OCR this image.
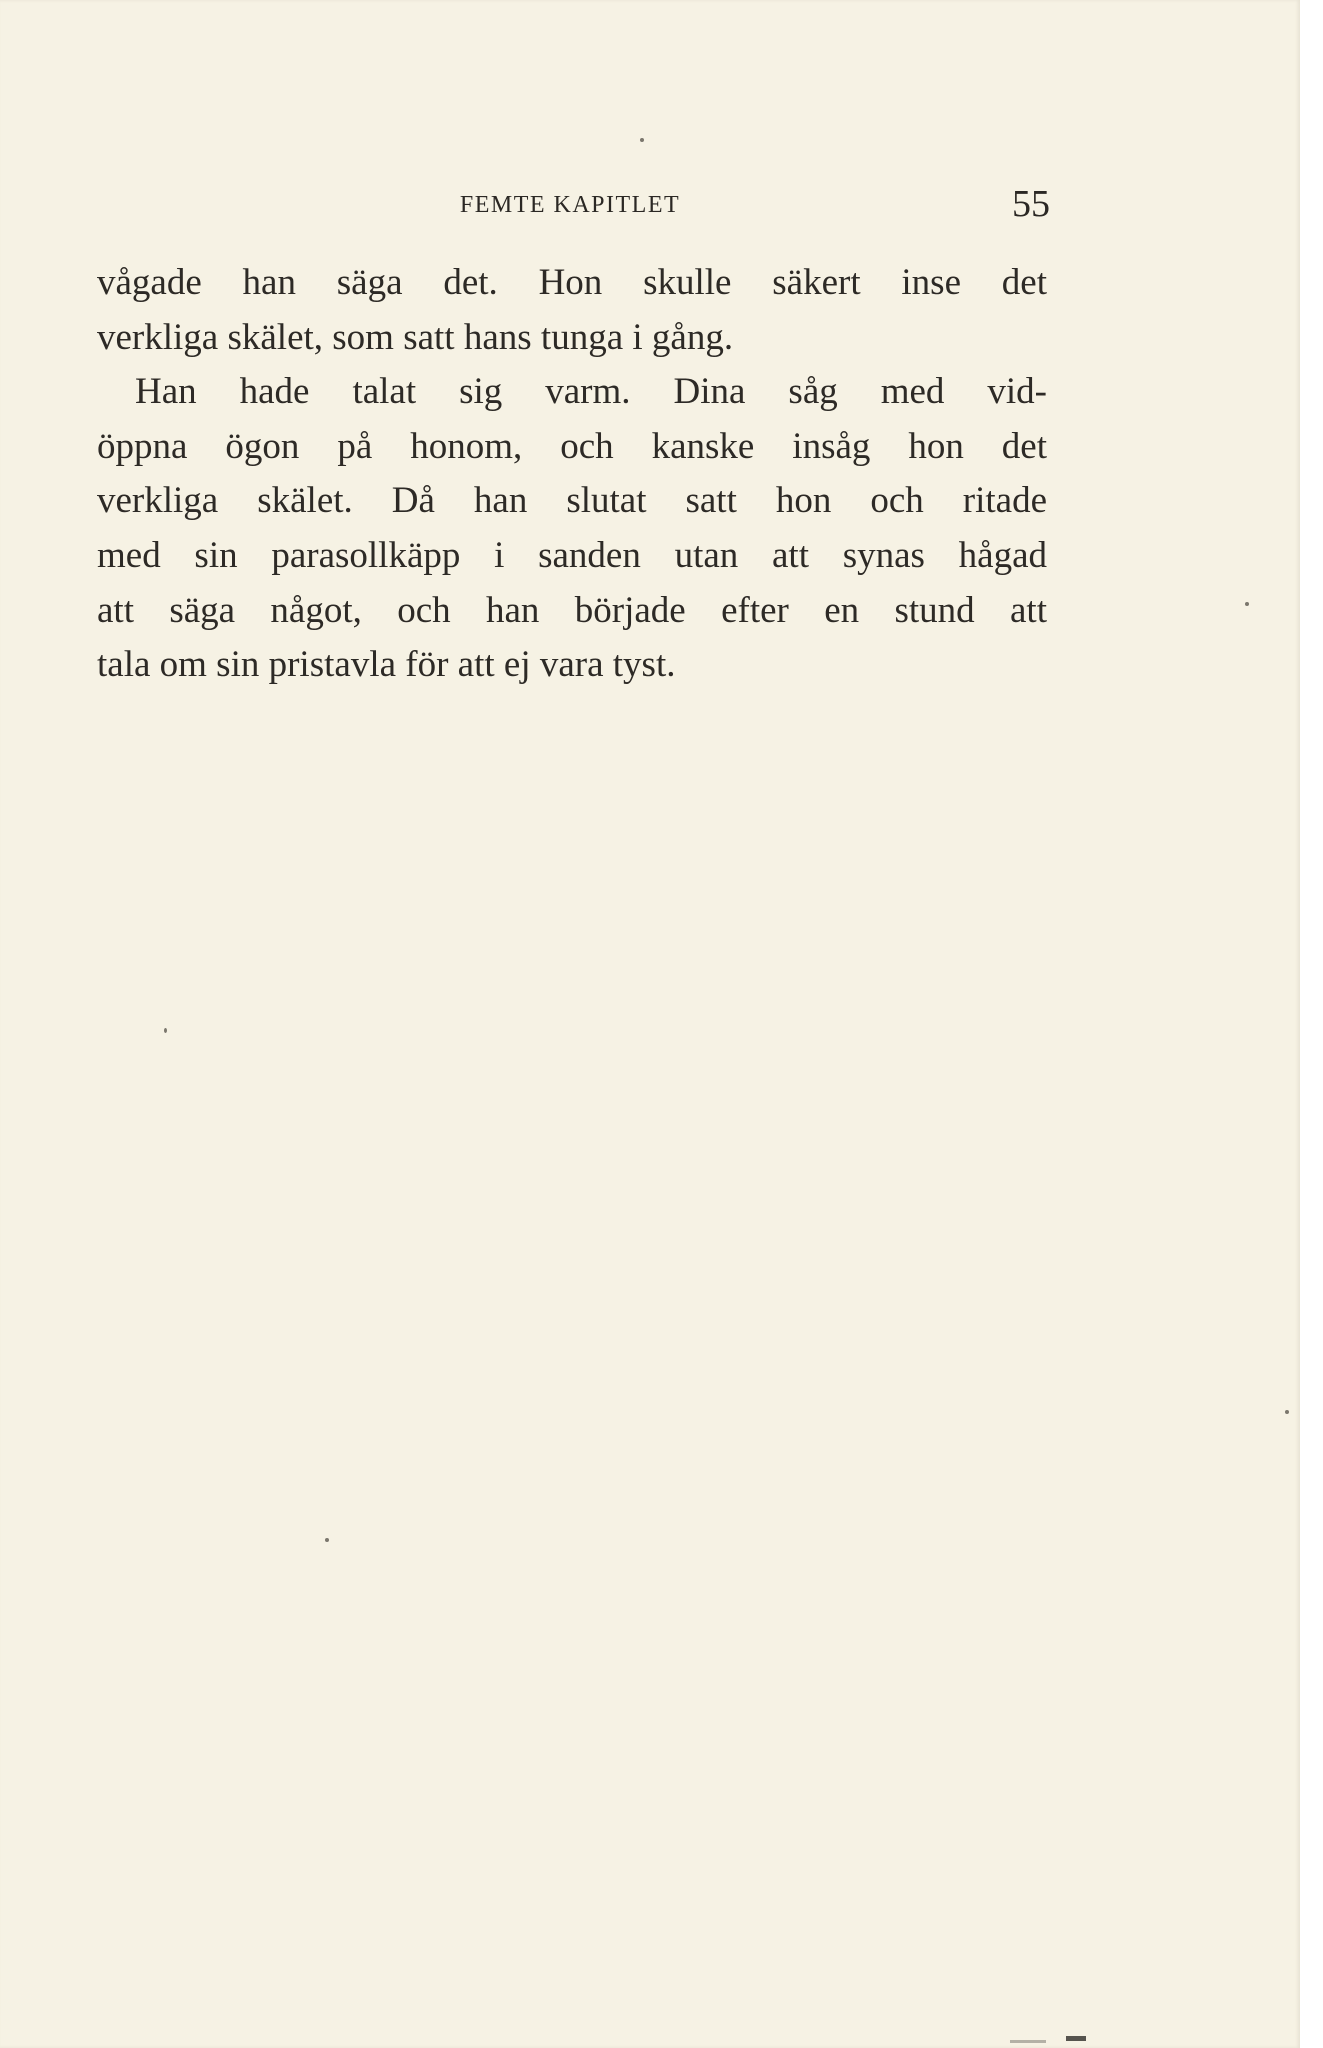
FEMTE KAPITLET	55
vågade han säga det. Hon skulle säkert inse det
verkliga skälet, som satt hans tunga i gång.
Han hade talat sig varm. Dina såg med vid-
öppna ögon på honom, och kanske insåg hon det
verkliga skälet. Då han slutat satt hon och ritade
med sin parasollkäpp i sanden utan att synas hågad
att säga något, och han började efter en stund att
tala om sin pristavla för att ej vara tyst.
